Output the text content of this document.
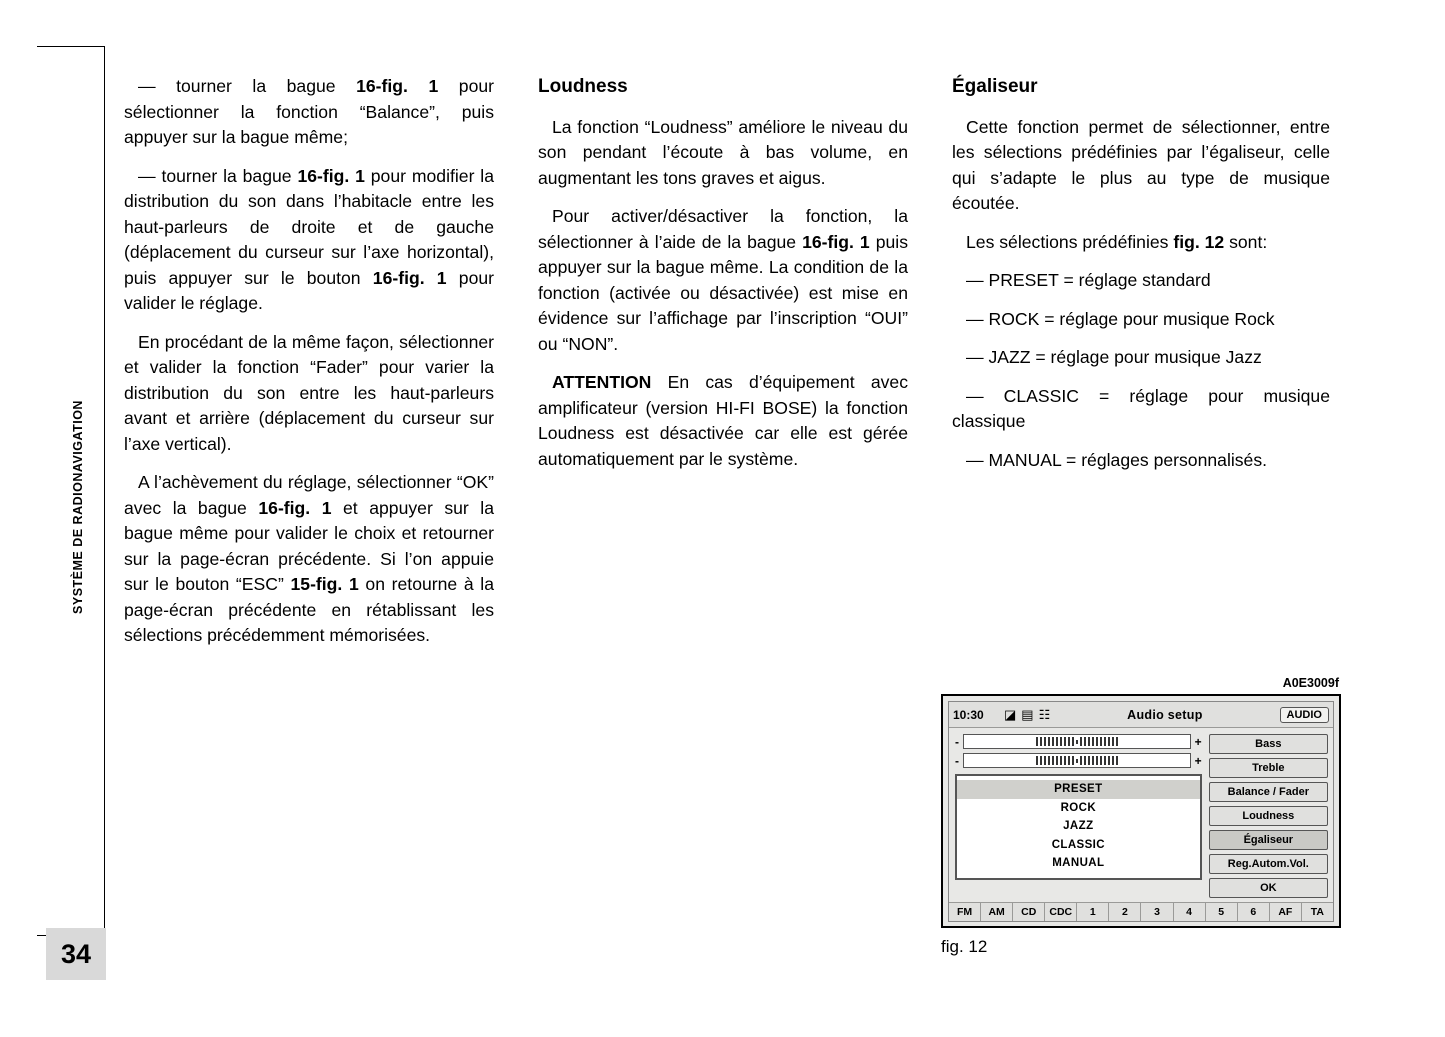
34
SYSTÈME DE RADIONAVIGATION

— tourner la bague 16-fig. 1 pour sélectionner la fonction “Balance”, puis appuyer sur la bague même;

— tourner la bague 16-fig. 1 pour modifier la distribution du son dans l’habitacle entre les haut-parleurs de droite et de gauche (déplacement du curseur sur l’axe horizontal), puis appuyer sur le bouton 16-fig. 1 pour valider le réglage.

En procédant de la même façon, sélectionner et valider la fonction “Fader” pour varier la distribution du son entre les haut-parleurs avant et arrière (déplacement du curseur sur l’axe vertical).

A l’achèvement du réglage, sélectionner “OK” avec la bague 16-fig. 1 et appuyer sur la bague même pour valider le choix et retourner sur la page-écran précédente. Si l’on appuie sur le bouton “ESC” 15-fig. 1 on retourne à la page-écran précédente en rétablissant les sélections précédemment mémorisées.

Loudness

La fonction “Loudness” améliore le niveau du son pendant l’écoute à bas volume, en augmentant les tons graves et aigus.

Pour activer/désactiver la fonction, la sélectionner à l’aide de la bague 16-fig. 1 puis appuyer sur la bague même. La condition de la fonction (activée ou désactivée) est mise en évidence sur l’affichage par l’inscription “OUI” ou “NON”.

ATTENTION En cas d’équipement avec amplificateur (version HI-FI BOSE) la fonction Loudness est désactivée car elle est gérée automatiquement par le système.

Égaliseur

Cette fonction permet de sélectionner, entre les sélections prédéfinies par l’égaliseur, celle qui s’adapte le plus au type de musique écoutée.

Les sélections prédéfinies fig. 12 sont:

— PRESET = réglage standard

— ROCK = réglage pour musique Rock

— JAZZ = réglage pour musique Jazz

— CLASSIC = réglage pour musique classique

— MANUAL = réglages personnalisés.

A0E3009f
10:30	◪ ▤ ☷	Audio setup	AUDIO
-	+
-	+
PRESET
ROCK
JAZZ
CLASSIC
MANUAL
Bass
Treble
Balance / Fader
Loudness
Égaliseur
Reg.Autom.Vol.
OK
FM	AM	CD	CDC	1	2	3	4	5	6	AF	TA
fig. 12
